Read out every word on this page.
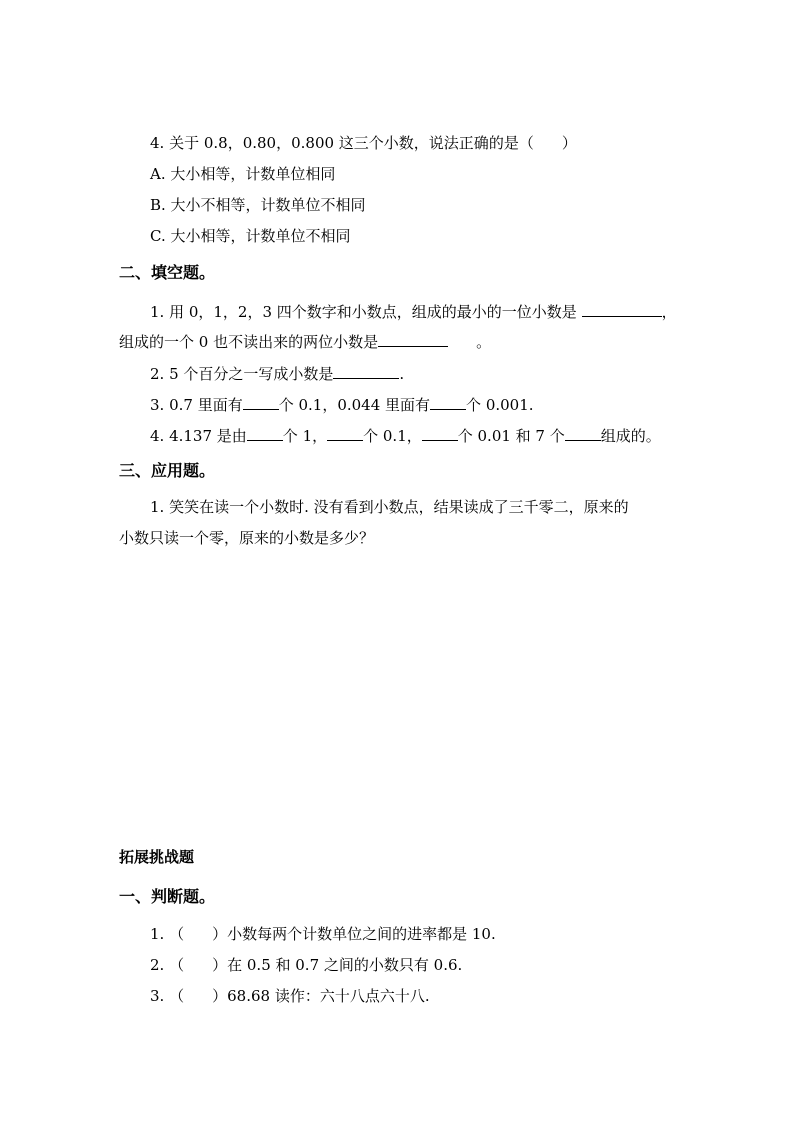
4. 关于 0.8，0.80，0.800 这三个小数，说法正确的是（ ）
A. 大小相等，计数单位相同
B. 大小不相等，计数单位不相同
C. 大小相等，计数单位不相同
二、填空题。
1. 用 0，1，2，3 四个数字和小数点，组成的最小的一位小数是	，
组成的一个 0 也不读出来的两位小数是	。
2. 5 个百分之一写成小数是	.
3. 0.7 里面有 个 0.1，0.044 里面有 个 0.001.
4. 4.137 是由 个 1， 个 0.1， 个 0.01 和 7 个 组成的。
三、应用题。
1. 笑笑在读一个小数时. 没有看到小数点，结果读成了三千零二，原来的
小数只读一个零，原来的小数是多少？
拓展挑战题
一、判断题。
1. （ ）小数每两个计数单位之间的进率都是 10.
2. （ ）在 0.5 和 0.7 之间的小数只有 0.6.
3. （ ）68.68 读作：六十八点六十八.
